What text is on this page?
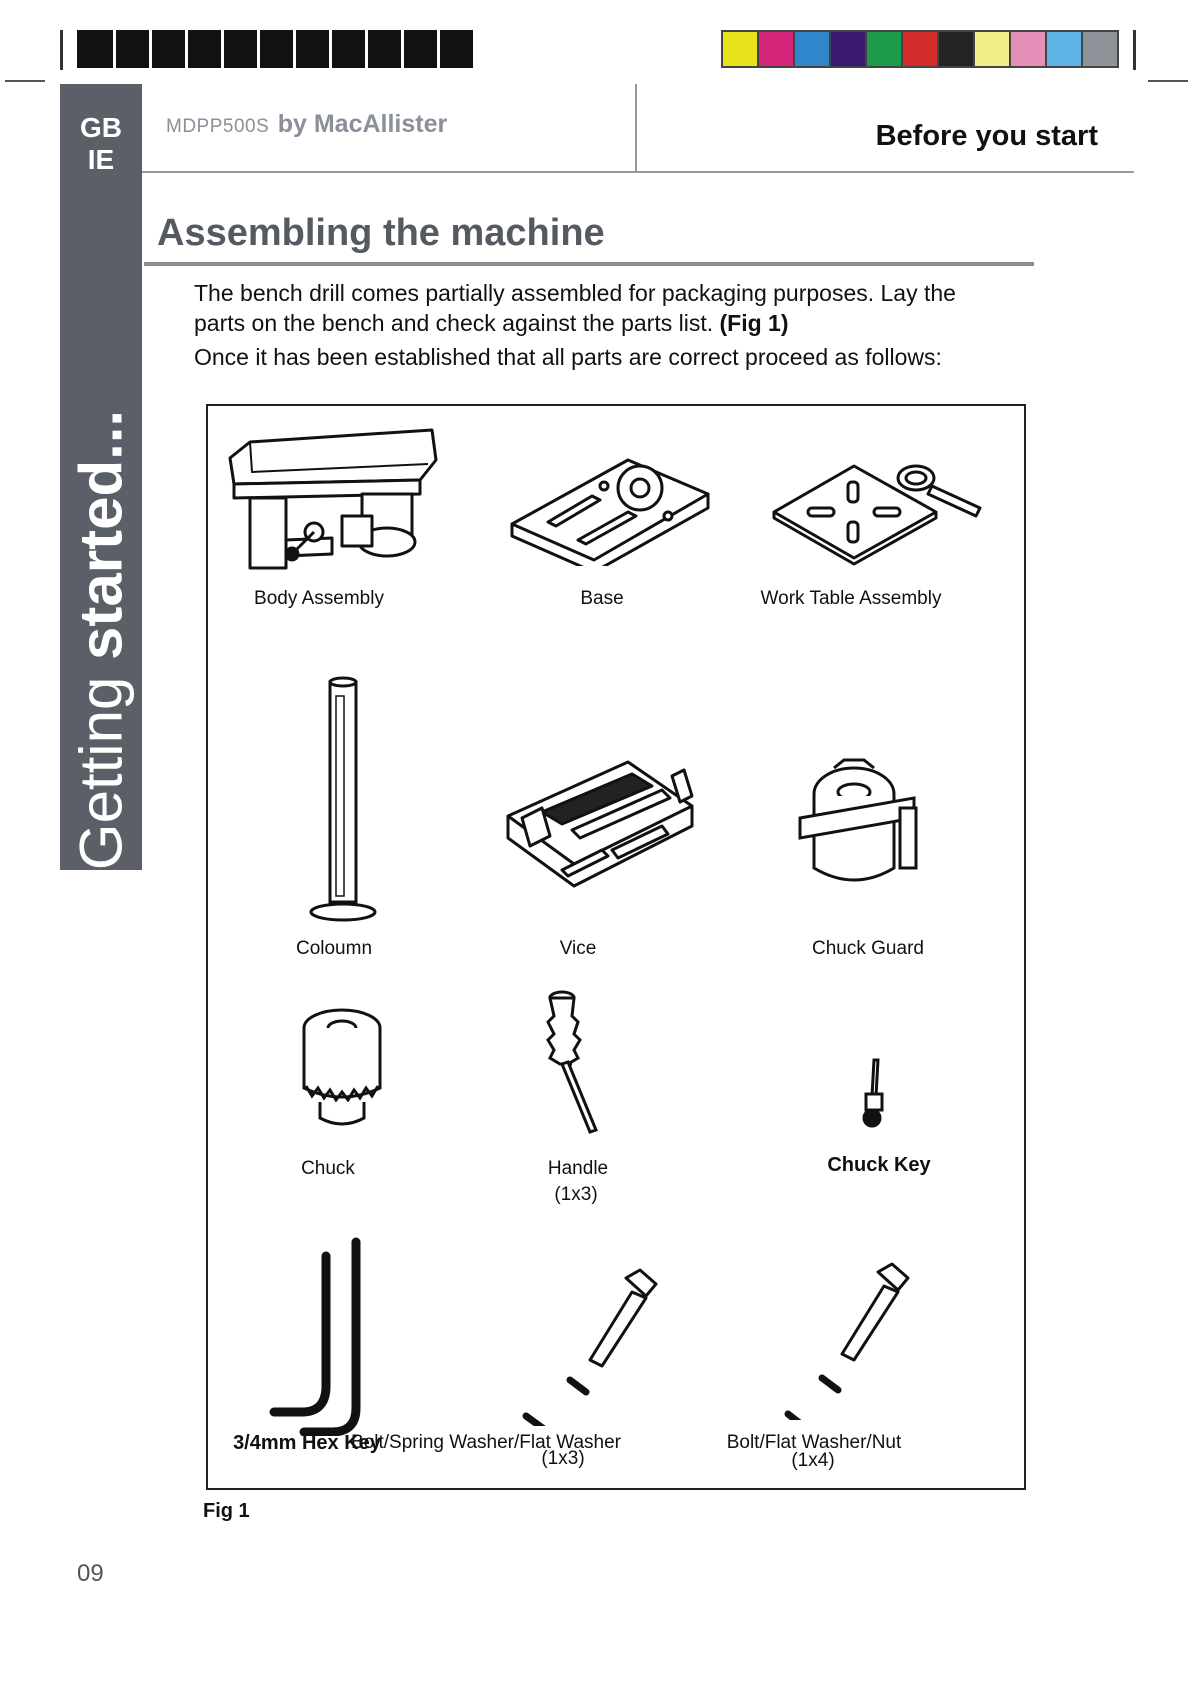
GB
IE
Getting started...
MDPP500S by MacAllister	Before you start
Assembling the machine
The bench drill comes partially assembled for packaging purposes. Lay the
parts on the bench and check against the parts list. (Fig 1)
Once it has been established that all parts are correct proceed as follows:
Body Assembly	Base	Work Table Assembly
Coloumn	Vice	Chuck Guard
Chuck	Handle
(1x3)
Chuck Key
3/4mm Hex Key
Bolt/Spring Washer/Flat Washer
(1x3)
Bolt/Flat Washer/Nut
(1x4)
Fig 1
09
